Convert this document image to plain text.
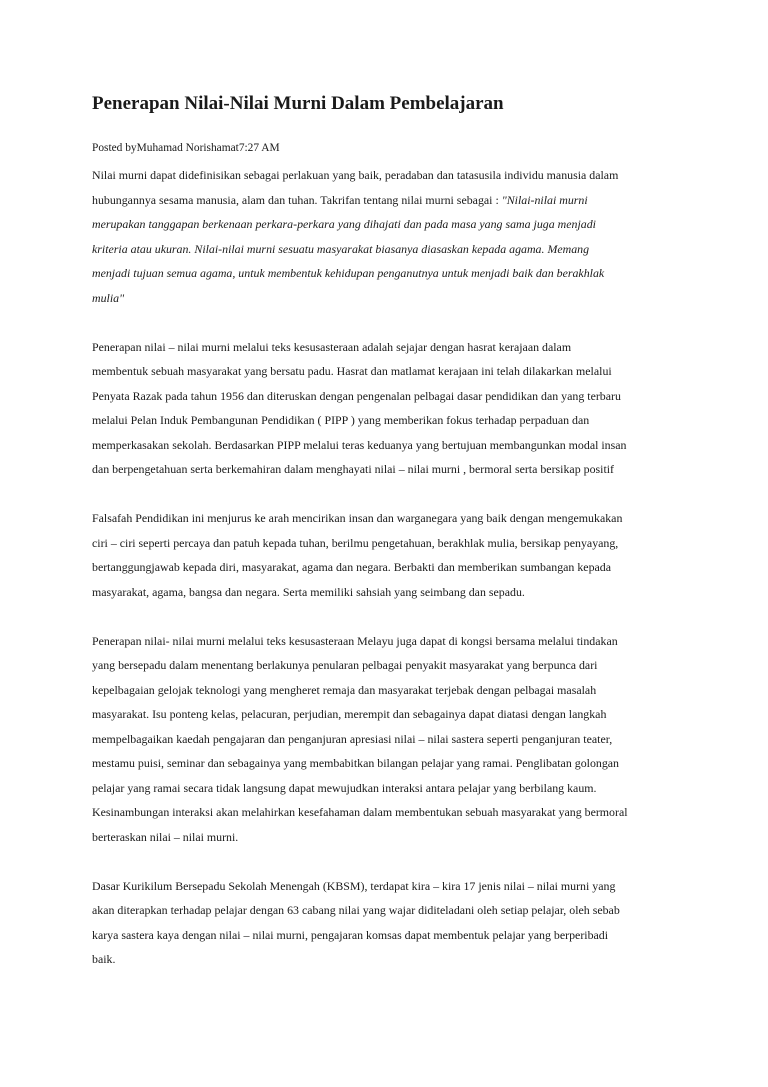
Penerapan Nilai-Nilai Murni Dalam Pembelajaran
Posted byMuhamad Norishamat7:27 AM

Nilai murni dapat didefinisikan sebagai perlakuan yang baik, peradaban dan tatasusila individu manusia dalam
hubungannya sesama manusia, alam dan tuhan. Takrifan tentang nilai murni sebagai : "Nilai-nilai murni
merupakan tanggapan berkenaan perkara-perkara yang dihajati dan pada masa yang sama juga menjadi
kriteria atau ukuran. Nilai-nilai murni sesuatu masyarakat biasanya diasaskan kepada agama. Memang
menjadi tujuan semua agama, untuk membentuk kehidupan penganutnya untuk menjadi baik dan berakhlak
mulia"

Penerapan nilai – nilai murni melalui teks kesusasteraan adalah sejajar dengan hasrat kerajaan dalam
membentuk sebuah masyarakat yang bersatu padu. Hasrat dan matlamat kerajaan ini telah dilakarkan melalui
Penyata Razak pada tahun 1956 dan diteruskan dengan pengenalan pelbagai dasar pendidikan dan yang terbaru
melalui Pelan Induk Pembangunan Pendidikan ( PIPP ) yang memberikan fokus terhadap perpaduan dan
memperkasakan sekolah. Berdasarkan PIPP melalui teras keduanya yang bertujuan membangunkan modal insan
dan berpengetahuan serta berkemahiran dalam menghayati nilai – nilai murni , bermoral serta bersikap positif

Falsafah Pendidikan ini menjurus ke arah mencirikan insan dan warganegara yang baik dengan mengemukakan
ciri – ciri seperti percaya dan patuh kepada tuhan, berilmu pengetahuan, berakhlak mulia, bersikap penyayang,
bertanggungjawab kepada diri, masyarakat, agama dan negara. Berbakti dan memberikan sumbangan kepada
masyarakat, agama, bangsa dan negara. Serta memiliki sahsiah yang seimbang dan sepadu.

Penerapan nilai- nilai murni melalui teks kesusasteraan Melayu juga dapat di kongsi bersama melalui tindakan
yang bersepadu dalam menentang berlakunya penularan pelbagai penyakit masyarakat yang berpunca dari
kepelbagaian gelojak teknologi yang mengheret remaja dan masyarakat terjebak dengan pelbagai masalah
masyarakat. Isu ponteng kelas, pelacuran, perjudian, merempit dan sebagainya dapat diatasi dengan langkah
mempelbagaikan kaedah pengajaran dan penganjuran apresiasi nilai – nilai sastera seperti penganjuran teater,
mestamu puisi, seminar dan sebagainya yang membabitkan bilangan pelajar yang ramai. Penglibatan golongan
pelajar yang ramai secara tidak langsung dapat mewujudkan interaksi antara pelajar yang berbilang kaum.
Kesinambungan interaksi akan melahirkan kesefahaman dalam membentukan sebuah masyarakat yang bermoral
berteraskan nilai – nilai murni.

Dasar Kurikilum Bersepadu Sekolah Menengah (KBSM), terdapat kira – kira 17 jenis nilai – nilai murni yang
akan diterapkan terhadap pelajar dengan 63 cabang nilai yang wajar diditeladani oleh setiap pelajar, oleh sebab
karya sastera kaya dengan nilai – nilai murni, pengajaran komsas dapat membentuk pelajar yang berperibadi
baik.
